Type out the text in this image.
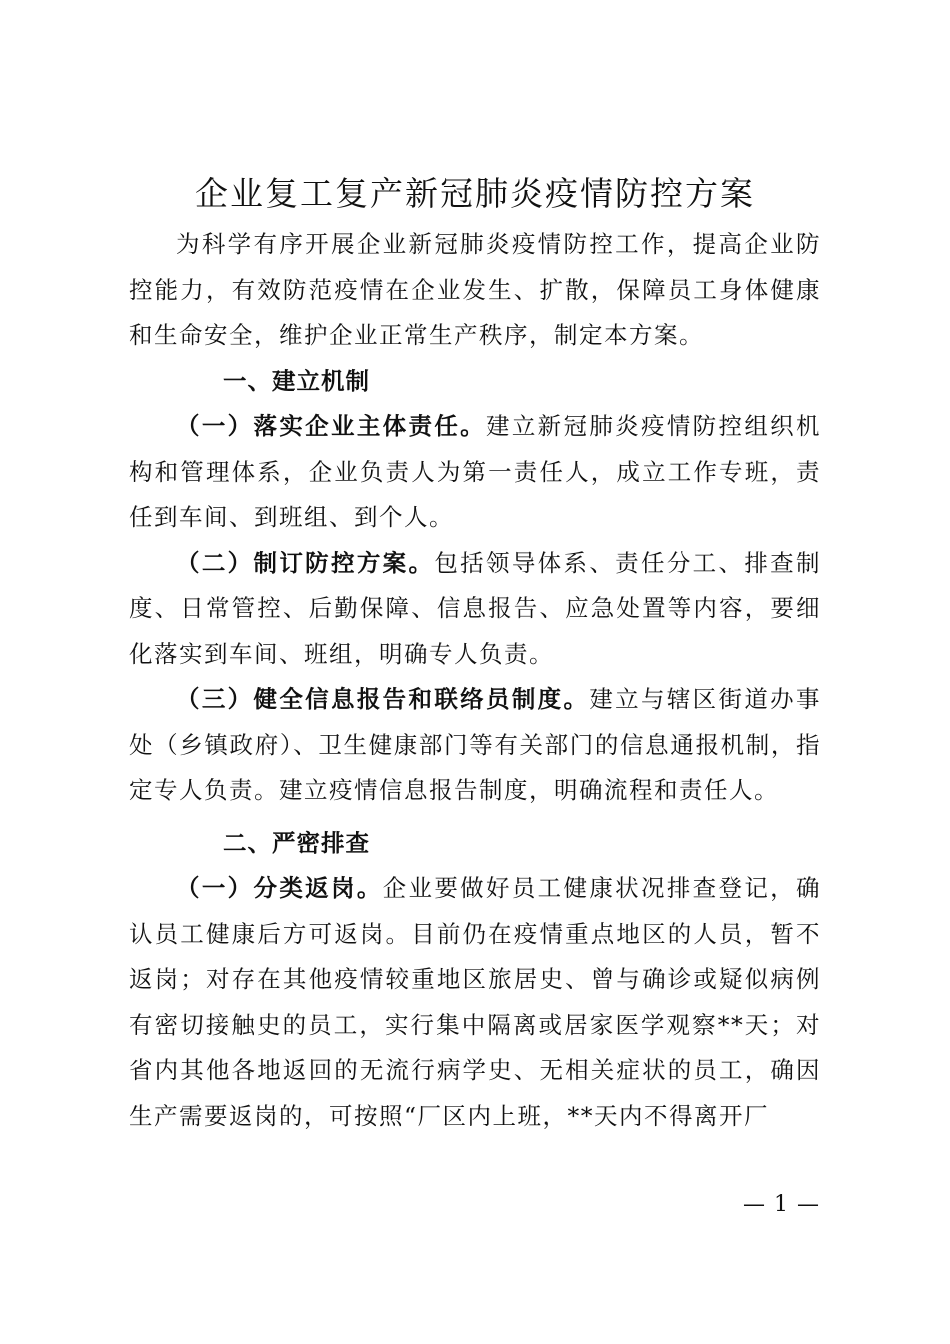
企业复工复产新冠肺炎疫情防控方案

为科学有序开展企业新冠肺炎疫情防控工作，提高企业防控能力，有效防范疫情在企业发生、扩散，保障员工身体健康和生命安全，维护企业正常生产秩序，制定本方案。

一、建立机制

（一）落实企业主体责任。建立新冠肺炎疫情防控组织机构和管理体系，企业负责人为第一责任人，成立工作专班，责任到车间、到班组、到个人。

（二）制订防控方案。包括领导体系、责任分工、排查制度、日常管控、后勤保障、信息报告、应急处置等内容，要细化落实到车间、班组，明确专人负责。

（三）健全信息报告和联络员制度。建立与辖区街道办事处（乡镇政府）、卫生健康部门等有关部门的信息通报机制，指定专人负责。建立疫情信息报告制度，明确流程和责任人。

二、严密排查

（一）分类返岗。企业要做好员工健康状况排查登记，确认员工健康后方可返岗。目前仍在疫情重点地区的人员，暂不返岗；对存在其他疫情较重地区旅居史、曾与确诊或疑似病例有密切接触史的员工，实行集中隔离或居家医学观察**天；对省内其他各地返回的无流行病学史、无相关症状的员工，确因生产需要返岗的，可按照“厂区内上班，**天内不得离开厂

— 1 —
